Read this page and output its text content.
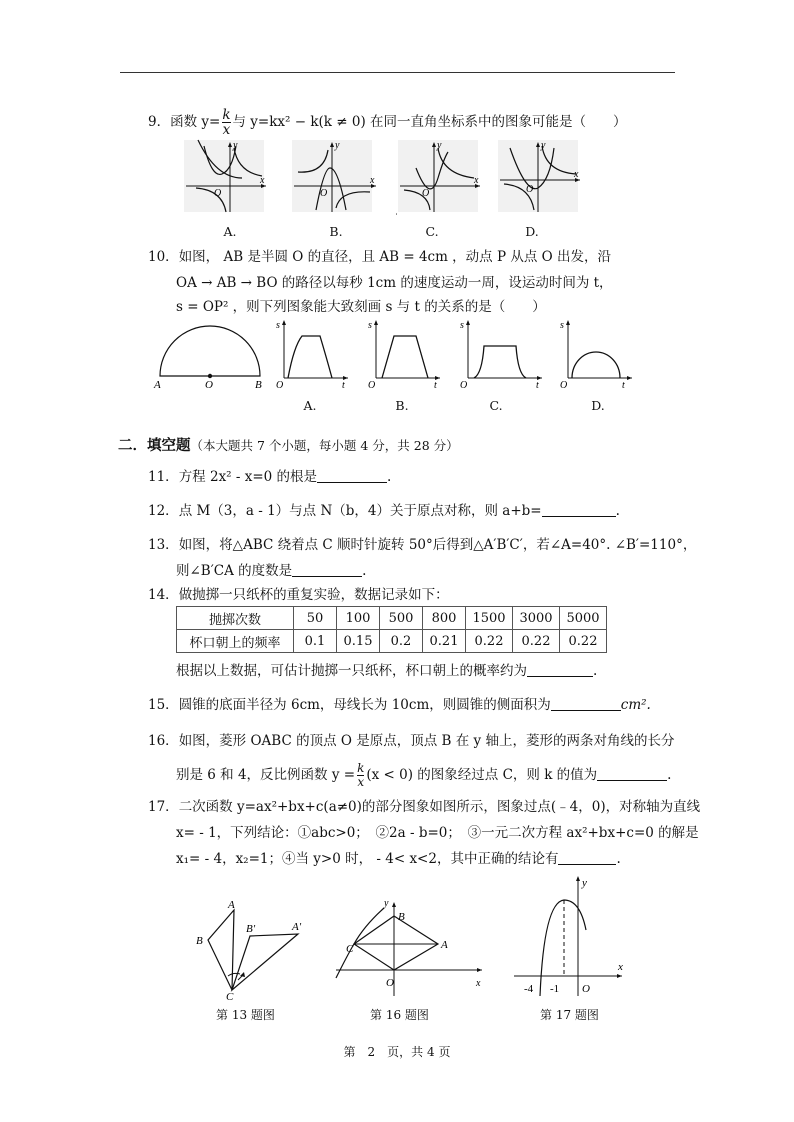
9．函数 $y= \frac{k}{x}$ 与 y=kx² − k(k ≠ 0) 在同一直角坐标系中的图象可能是（　　）
O
x
y
O
x
y
O
x
y
O
x
y
A.	B.	C.	D.
10．如图， AB 是半圆 O 的直径，且 AB = 4cm ，动点 P 从点 O 出发，沿
OA → AB → BO 的路径以每秒 1cm 的速度运动一周，设运动时间为 t，
s = OP² ，则下列图象能大致刻画 s 与 t 的关系的是（　　）
A	O	B
s
O	t
s
O	t
s
O	t
s
O	t
A.	B.	C.	D.
二．填空题（本大题共 7 个小题，每小题 4 分，共 28 分）
11．方程 2x² - x=0 的根是	.
12．点 M（3，a - 1）与点 N（b，4）关于原点对称，则 a+b=	.
13．如图，将△ABC 绕着点 C 顺时针旋转 50°后得到△A′B′C′，若∠A=40°. ∠B′=110°，
则∠B′CA 的度数是	.
14．做抛掷一只纸杯的重复实验，数据记录如下：
抛掷次数	50	100	500	800	1500	3000	5000
杯口朝上的频率	0.1	0.15	0.2	0.21	0.22	0.22	0.22
根据以上数据，可估计抛掷一只纸杯，杯口朝上的概率约为	.
15．圆锥的底面半径为 6cm，母线长为 10cm，则圆锥的侧面积为	cm².
16．如图，菱形 OABC 的顶点 O 是原点，顶点 B 在 y 轴上，菱形的两条对角线的长分
别是 6 和 4，反比例函数 $y = \frac{k}{x} (x < 0)$ 的图象经过点 C，则 k 的值为	.
17．二次函数 y=ax²+bx+c(a≠0)的部分图象如图所示，图象过点(﹣4，0)，对称轴为直线
x= - 1，下列结论：①abc>0；　②2a - b=0；　③一元二次方程 ax²+bx+c=0 的解是
x₁= - 4，x₂=1；④当 y>0 时， - 4< x<2，其中正确的结论有	.
A
B
B′	A′
C
第 13 题图
y
B
C	A
O	x
第 16 题图
y
x
-4 -1 O
第 17 题图
第　2　页，共 4 页
